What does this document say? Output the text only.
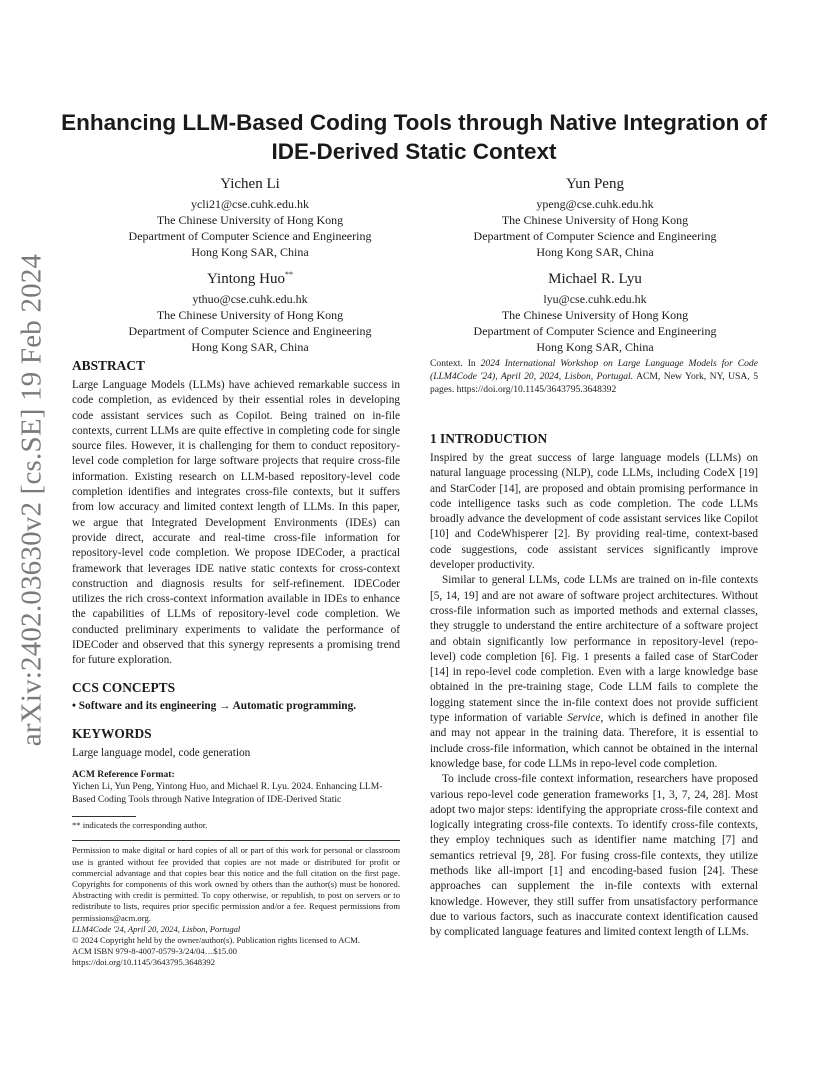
arXiv:2402.03630v2 [cs.SE] 19 Feb 2024
Enhancing LLM-Based Coding Tools through Native Integration of IDE-Derived Static Context
Yichen Li
ycli21@cse.cuhk.edu.hk
The Chinese University of Hong Kong
Department of Computer Science and Engineering
Hong Kong SAR, China
Yun Peng
ypeng@cse.cuhk.edu.hk
The Chinese University of Hong Kong
Department of Computer Science and Engineering
Hong Kong SAR, China
Yintong Huo**
ythuo@cse.cuhk.edu.hk
The Chinese University of Hong Kong
Department of Computer Science and Engineering
Hong Kong SAR, China
Michael R. Lyu
lyu@cse.cuhk.edu.hk
The Chinese University of Hong Kong
Department of Computer Science and Engineering
Hong Kong SAR, China
ABSTRACT

Large Language Models (LLMs) have achieved remarkable success in code completion, as evidenced by their essential roles in developing code assistant services such as Copilot. Being trained on in-file contexts, current LLMs are quite effective in completing code for single source files. However, it is challenging for them to conduct repository-level code completion for large software projects that require cross-file information. Existing research on LLM-based repository-level code completion identifies and integrates cross-file contexts, but it suffers from low accuracy and limited context length of LLMs. In this paper, we argue that Integrated Development Environments (IDEs) can provide direct, accurate and real-time cross-file information for repository-level code completion. We propose IDECoder, a practical framework that leverages IDE native static contexts for cross-context construction and diagnosis results for self-refinement. IDECoder utilizes the rich cross-context information available in IDEs to enhance the capabilities of LLMs of repository-level code completion. We conducted preliminary experiments to validate the performance of IDECoder and observed that this synergy represents a promising trend for future exploration.

CCS CONCEPTS

• Software and its engineering → Automatic programming.

KEYWORDS

Large language model, code generation

ACM Reference Format:

Yichen Li, Yun Peng, Yintong Huo, and Michael R. Lyu. 2024. Enhancing LLM-Based Coding Tools through Native Integration of IDE-Derived Static

** indicateds the corresponding author.

Permission to make digital or hard copies of all or part of this work for personal or classroom use is granted without fee provided that copies are not made or distributed for profit or commercial advantage and that copies bear this notice and the full citation on the first page. Copyrights for components of this work owned by others than the author(s) must be honored. Abstracting with credit is permitted. To copy otherwise, or republish, to post on servers or to redistribute to lists, requires prior specific permission and/or a fee. Request permissions from permissions@acm.org.

LLM4Code '24, April 20, 2024, Lisbon, Portugal

© 2024 Copyright held by the owner/author(s). Publication rights licensed to ACM.

ACM ISBN 979-8-4007-0579-3/24/04…$15.00

https://doi.org/10.1145/3643795.3648392

Context. In 2024 International Workshop on Large Language Models for Code (LLM4Code '24), April 20, 2024, Lisbon, Portugal. ACM, New York, NY, USA, 5 pages. https://doi.org/10.1145/3643795.3648392

1 INTRODUCTION

Inspired by the great success of large language models (LLMs) on natural language processing (NLP), code LLMs, including CodeX [19] and StarCoder [14], are proposed and obtain promising performance in code intelligence tasks such as code completion. The code LLMs broadly advance the development of code assistant services like Copilot [10] and CodeWhisperer [2]. By providing real-time, context-based code suggestions, code assistant services significantly improve developer productivity.

Similar to general LLMs, code LLMs are trained on in-file contexts [5, 14, 19] and are not aware of software project architectures. Without cross-file information such as imported methods and external classes, they struggle to understand the entire architecture of a software project and obtain significantly low performance in repository-level (repo-level) code completion [6]. Fig. 1 presents a failed case of StarCoder [14] in repo-level code completion. Even with a large knowledge base obtained in the pre-training stage, Code LLM fails to complete the logging statement since the in-file context does not provide sufficient type information of variable Service, which is defined in another file and may not appear in the training data. Therefore, it is essential to include cross-file information, which cannot be obtained in the internal knowledge base, for code LLMs in repo-level code completion.

To include cross-file context information, researchers have proposed various repo-level code generation frameworks [1, 3, 7, 24, 28]. Most adopt two major steps: identifying the appropriate cross-file context and logically integrating cross-file contexts. To identify cross-file contexts, they employ techniques such as identifier name matching [7] and semantics retrieval [9, 28]. For fusing cross-file contexts, they utilize methods like all-import [1] and encoding-based fusion [24]. These approaches can supplement the in-file contexts with external knowledge. However, they still suffer from unsatisfactory performance due to various factors, such as inaccurate context identification caused by complicated language features and limited context length of LLMs.
